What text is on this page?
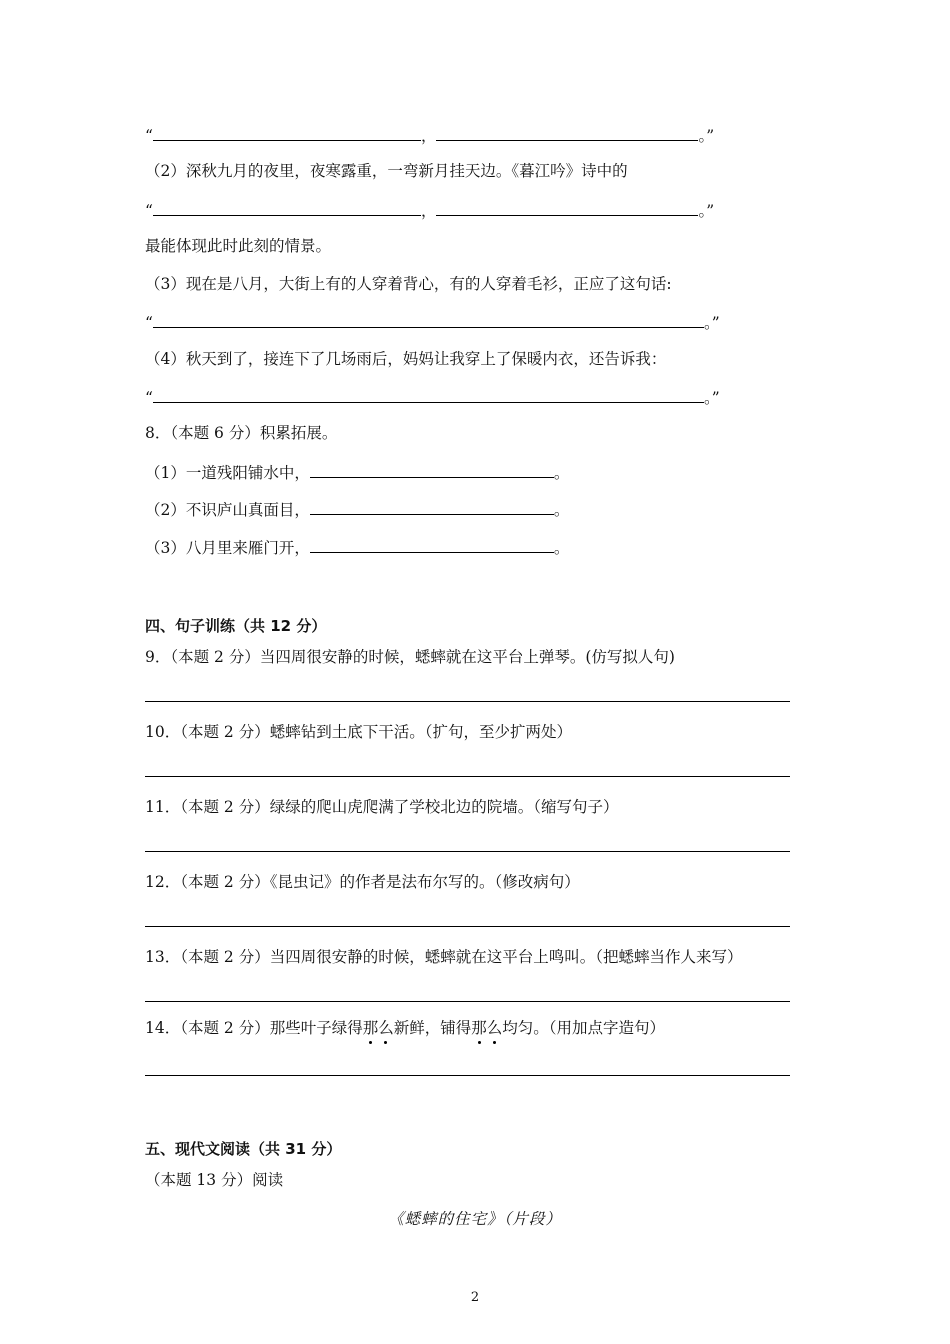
“	，	。”
（2）深秋九月的夜里，夜寒露重，一弯新月挂天边。《暮江吟》诗中的
“	，	。”
最能体现此时此刻的情景。
（3）现在是八月，大街上有的人穿着背心，有的人穿着毛衫，正应了这句话:
“	。”
（4）秋天到了，接连下了几场雨后，妈妈让我穿上了保暖内衣，还告诉我：
“	。”
8．（本题 6 分）积累拓展。
（1）一道残阳铺水中，	。
（2）不识庐山真面目，	。
（3）八月里来雁门开，	。
四、句子训练（共 12 分）
9．（本题 2 分）当四周很安静的时候，蟋蟀就在这平台上弹琴。(仿写拟人句)
10．（本题 2 分）蟋蟀钻到土底下干活。（扩句，至少扩两处）
11．（本题 2 分）绿绿的爬山虎爬满了学校北边的院墙。（缩写句子）
12．（本题 2 分）《昆虫记》的作者是法布尔写的。（修改病句）
13．（本题 2 分）当四周很安静的时候，蟋蟀就在这平台上鸣叫。（把蟋蟀当作人来写）
14．（本题 2 分）那些叶子绿得那么新鲜，铺得那么均匀。（用加点字造句）
五、现代文阅读（共 31 分）
（本题 13 分）阅读
《蟋蟀的住宅》（片段）
2
